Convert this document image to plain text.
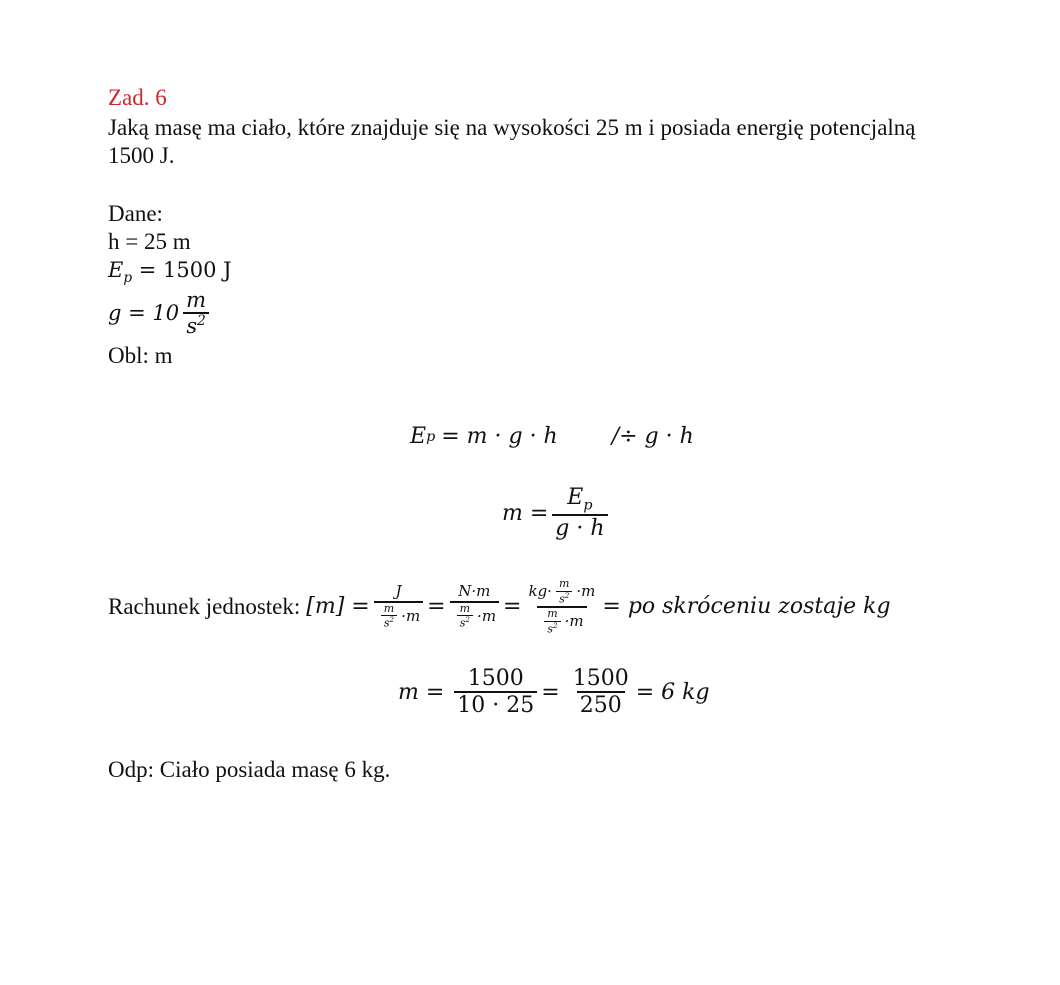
Zad. 6
Jaką masę ma ciało, które znajduje się na wysokości 25 m i posiada energię potencjalną
1500 J.
Dane:
h = 25 m
$E_p = 1500$ J
$g = 10 \frac{m}{s^2}$
Obl: m
E p = m · g · h /÷ g · h
$m = \frac{E_p}{g \cdot h}$
Rachunek jednostek: $[m] = \frac{J}{\frac{m}{s^2} \cdot m} = \frac{N\cdot m}{\frac{m}{s^2} \cdot m} = \frac{kg\cdot \frac{m}{s^2} \cdot m}{\frac{m}{s^2} \cdot m}$ = po skróceniu zostaje kg
$m = \frac{1500}{10 \cdot 25} = \frac{1500}{250} = 6$ kg
Odp: Ciało posiada masę 6 kg.
